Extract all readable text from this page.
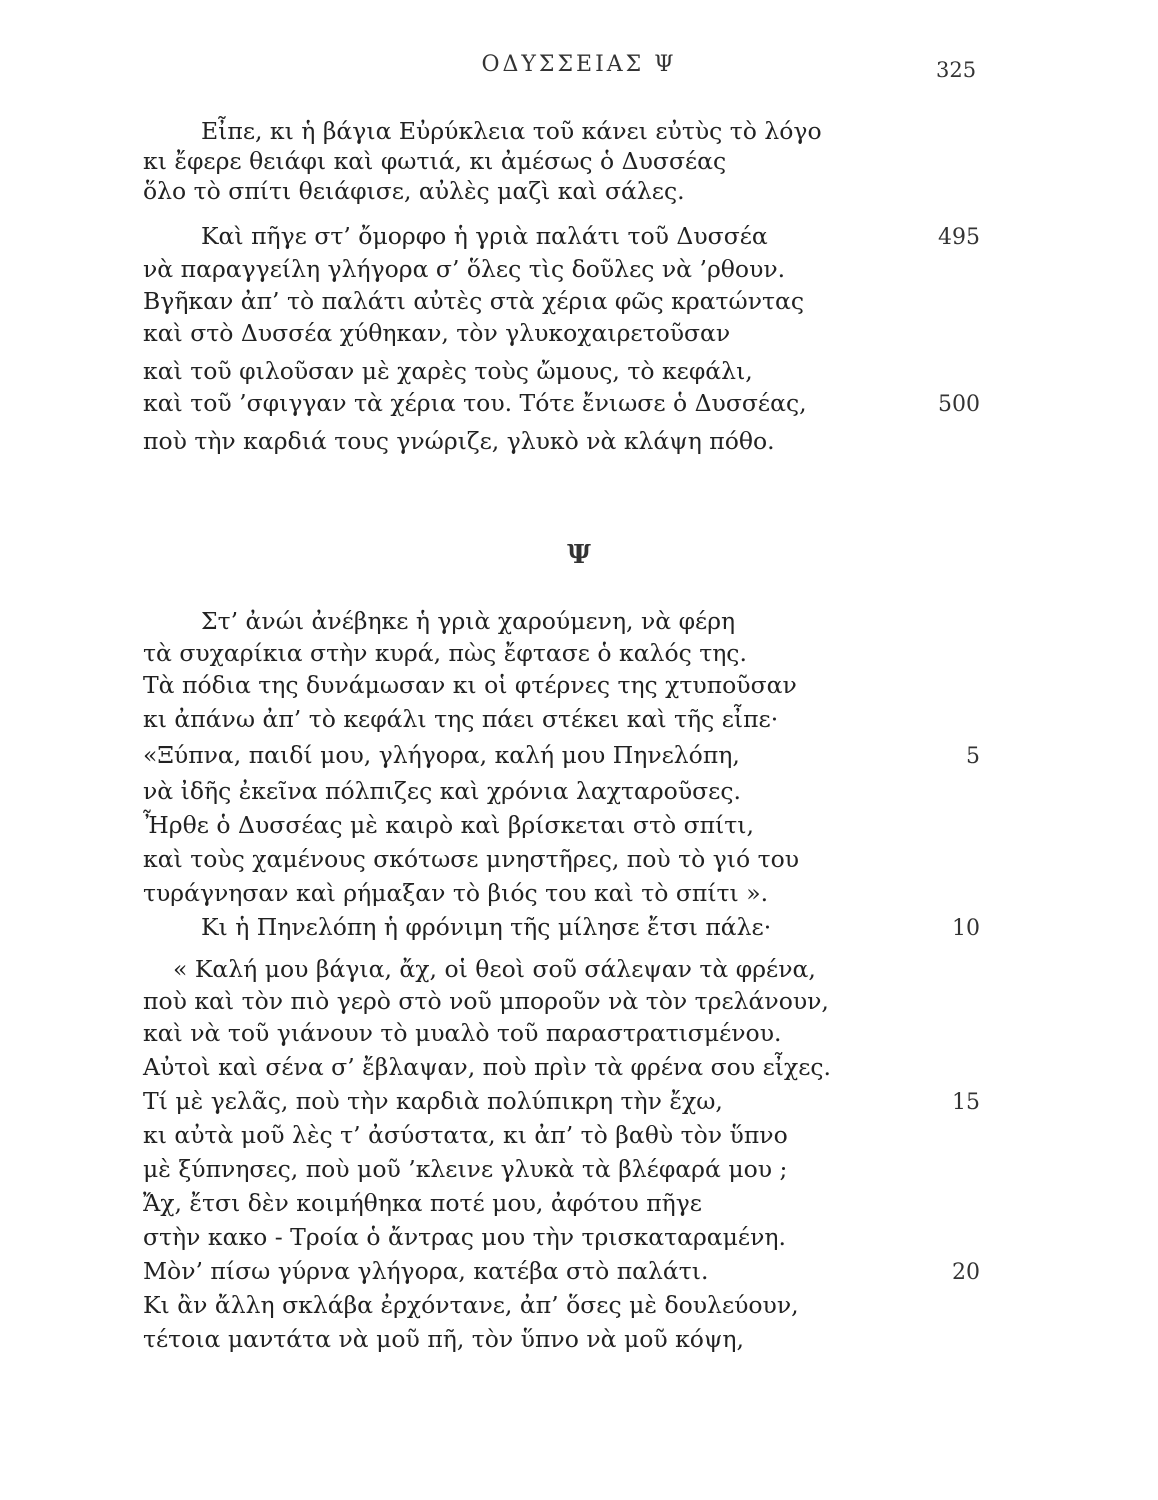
ΟΔΥΣΣΕΙΑΣ Ψ	325
Εἶπε, κι ἡ βάγια Εὐρύκλεια τοῦ κάνει εὐτὺς τὸ λόγο
κι ἔφερε θειάφι καὶ φωτιά, κι ἀμέσως ὁ Δυσσέας
ὅλο τὸ σπίτι θειάφισε, αὐλὲς μαζὶ καὶ σάλες.
Καὶ πῆγε στ’ ὄμορφο ἡ γριὰ παλάτι τοῦ Δυσσέα	495
νὰ παραγγείλη γλήγορα σ’ ὅλες τὶς δοῦλες νὰ ’ρθουν.
Βγῆκαν ἀπ’ τὸ παλάτι αὐτὲς στὰ χέρια φῶς κρατώντας
καὶ στὸ Δυσσέα χύθηκαν, τὸν γλυκοχαιρετοῦσαν
καὶ τοῦ φιλοῦσαν μὲ χαρὲς τοὺς ὤμους, τὸ κεφάλι,
καὶ τοῦ ’σφιγγαν τὰ χέρια του. Τότε ἔνιωσε ὁ Δυσσέας,	500
ποὺ τὴν καρδιά τους γνώριζε, γλυκὸ νὰ κλάψη πόθο.
Ψ
Στ’ ἀνώι ἀνέβηκε ἡ γριὰ χαρούμενη, νὰ φέρη
τὰ συχαρίκια στὴν κυρά, πὼς ἔφτασε ὁ καλός της.
Τὰ πόδια της δυνάμωσαν κι οἱ φτέρνες της χτυποῦσαν
κι ἀπάνω ἀπ’ τὸ κεφάλι της πάει στέκει καὶ τῆς εἶπε·
«Ξύπνα, παιδί μου, γλήγορα, καλή μου Πηνελόπη,	5
νὰ ἰδῆς ἐκεῖνα πόλπιζες καὶ χρόνια λαχταροῦσες.
Ἦρθε ὁ Δυσσέας μὲ καιρὸ καὶ βρίσκεται στὸ σπίτι,
καὶ τοὺς χαμένους σκότωσε μνηστῆρες, ποὺ τὸ γιό του
τυράγνησαν καὶ ρήμαξαν τὸ βιός του καὶ τὸ σπίτι ».
Κι ἡ Πηνελόπη ἡ φρόνιμη τῆς μίλησε ἔτσι πάλε·	10
« Καλή μου βάγια, ἄχ, οἱ θεοὶ σοῦ σάλεψαν τὰ φρένα,
ποὺ καὶ τὸν πιὸ γερὸ στὸ νοῦ μποροῦν νὰ τὸν τρελάνουν,
καὶ νὰ τοῦ γιάνουν τὸ μυαλὸ τοῦ παραστρατισμένου.
Αὐτοὶ καὶ σένα σ’ ἔβλαψαν, ποὺ πρὶν τὰ φρένα σου εἶχες.
Τί μὲ γελᾶς, ποὺ τὴν καρδιὰ πολύπικρη τὴν ἔχω,	15
κι αὐτὰ μοῦ λὲς τ’ ἀσύστατα, κι ἀπ’ τὸ βαθὺ τὸν ὕπνο
μὲ ξύπνησες, ποὺ μοῦ ’κλεινε γλυκὰ τὰ βλέφαρά μου ;
Ἄχ, ἔτσι δὲν κοιμήθηκα ποτέ μου, ἀφότου πῆγε
στὴν κακο - Τροία ὁ ἄντρας μου τὴν τρισκαταραμένη.
Μὸν’ πίσω γύρνα γλήγορα, κατέβα στὸ παλάτι.	20
Κι ἂν ἄλλη σκλάβα ἐρχόντανε, ἀπ’ ὅσες μὲ δουλεύουν,
τέτοια μαντάτα νὰ μοῦ πῆ, τὸν ὕπνο νὰ μοῦ κόψη,
